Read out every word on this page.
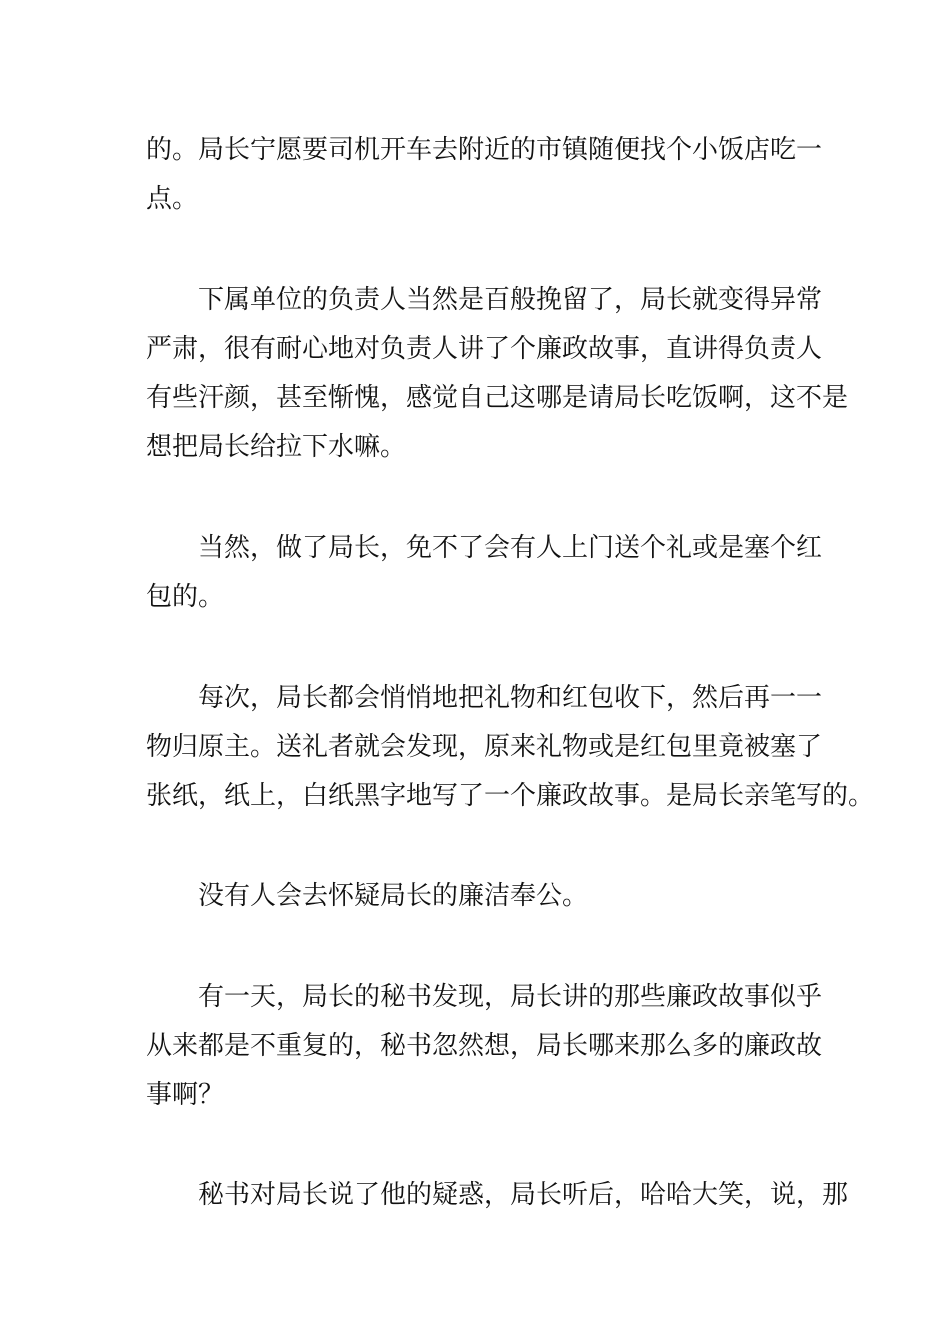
的。局长宁愿要司机开车去附近的市镇随便找个小饭店吃一
点。

下属单位的负责人当然是百般挽留了，局长就变得异常
严肃，很有耐心地对负责人讲了个廉政故事，直讲得负责人
有些汗颜，甚至惭愧，感觉自己这哪是请局长吃饭啊，这不是
想把局长给拉下水嘛。

当然，做了局长，免不了会有人上门送个礼或是塞个红
包的。

每次，局长都会悄悄地把礼物和红包收下，然后再一一
物归原主。送礼者就会发现，原来礼物或是红包里竟被塞了
张纸，纸上，白纸黑字地写了一个廉政故事。是局长亲笔写的。

没有人会去怀疑局长的廉洁奉公。

有一天，局长的秘书发现，局长讲的那些廉政故事似乎
从来都是不重复的，秘书忽然想，局长哪来那么多的廉政故
事啊？

秘书对局长说了他的疑惑，局长听后，哈哈大笑，说，那
